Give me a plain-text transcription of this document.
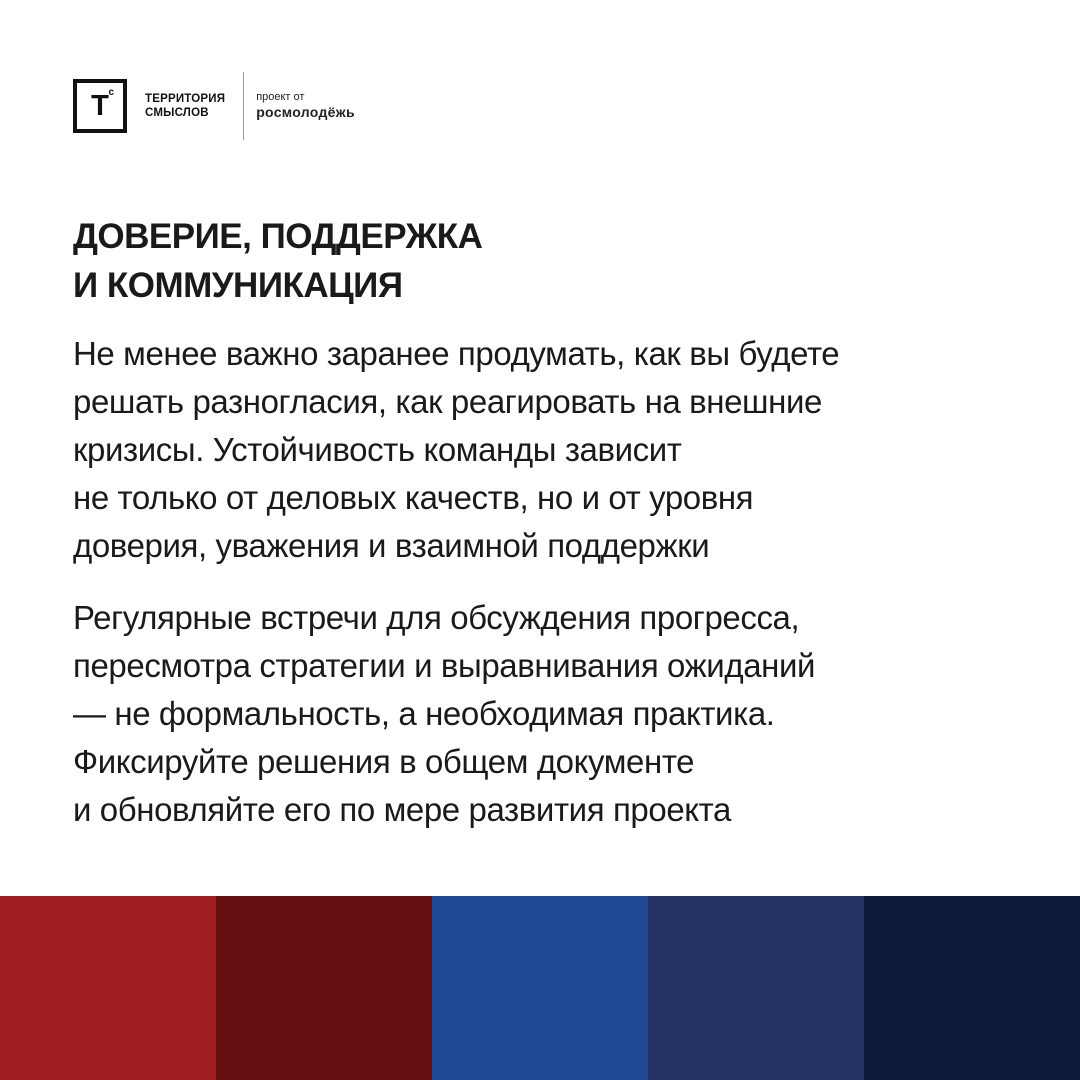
Т с
ТЕРРИТОРИЯ
СМЫСЛОВ
проект от
росмолодёжь
ДОВЕРИЕ, ПОДДЕРЖКА
И КОММУНИКАЦИЯ

Не менее важно заранее продумать, как вы будете
решать разногласия, как реагировать на внешние
кризисы. Устойчивость команды зависит
не только от деловых качеств, но и от уровня
доверия, уважения и взаимной поддержки

Регулярные встречи для обсуждения прогресса,
пересмотра стратегии и выравнивания ожиданий
— не формальность, а необходимая практика.
Фиксируйте решения в общем документе
и обновляйте его по мере развития проекта
